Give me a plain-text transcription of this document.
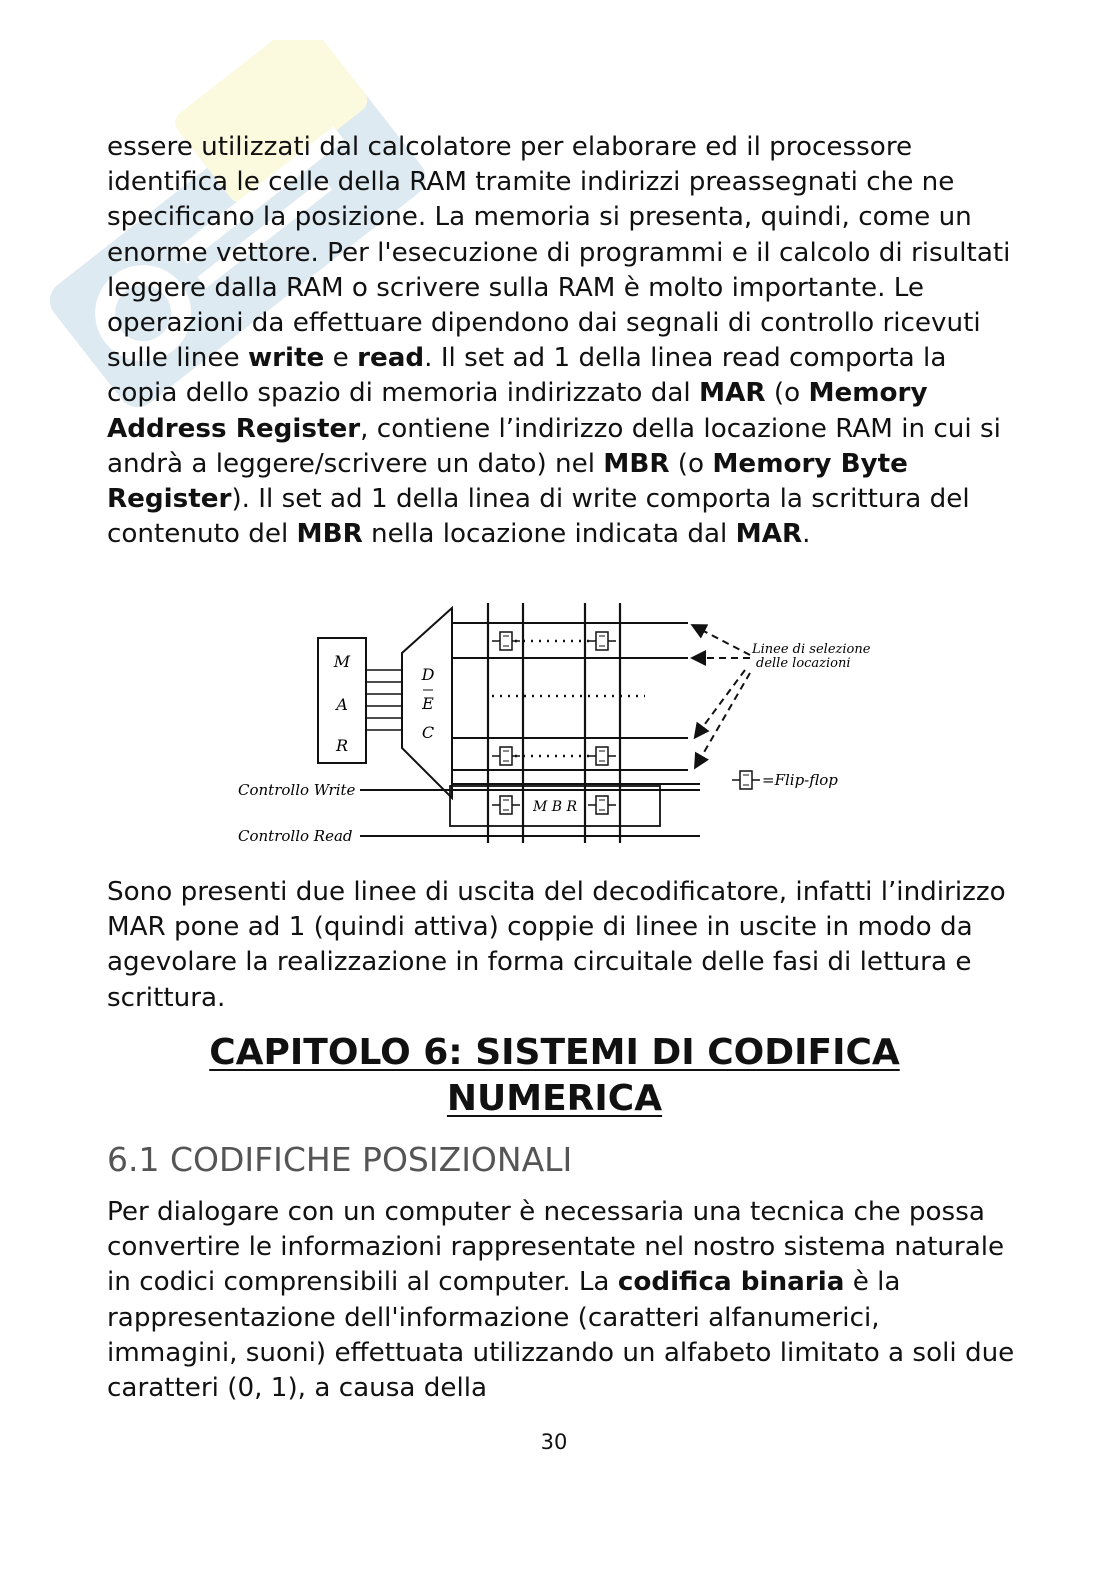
essere utilizzati dal calcolatore per elaborare ed il processore identifica le celle della RAM tramite indirizzi preassegnati che ne specificano la posizione. La memoria si presenta, quindi, come un enorme vettore. Per l'esecuzione di programmi e il calcolo di risultati leggere dalla RAM o scrivere sulla RAM è molto importante. Le operazioni da effettuare dipendono dai segnali di controllo ricevuti sulle linee write e read. Il set ad 1 della linea read comporta la copia dello spazio di memoria indirizzato dal MAR (o Memory Address Register, contiene l’indirizzo della locazione RAM in cui si andrà a leggere/scrivere un dato) nel MBR (o Memory Byte Register). Il set ad 1 della linea di write comporta la scrittura del contenuto del MBR nella locazione indicata dal MAR.

M
A
R
D
E
C
M B R
Controllo Write
Controllo Read
Linee di selezione
delle locazioni
=Flip-flop

Sono presenti due linee di uscita del decodificatore, infatti l’indirizzo MAR pone ad 1 (quindi attiva) coppie di linee in uscite in modo da agevolare la realizzazione in forma circuitale delle fasi di lettura e scrittura.

CAPITOLO 6: SISTEMI DI CODIFICA
NUMERICA
6.1 CODIFICHE POSIZIONALI

Per dialogare con un computer è necessaria una tecnica che possa convertire le informazioni rappresentate nel nostro sistema naturale in codici comprensibili al computer. La codifica binaria è la rappresentazione dell'informazione (caratteri alfanumerici, immagini, suoni) effettuata utilizzando un alfabeto limitato a soli due caratteri (0, 1), a causa della

30
